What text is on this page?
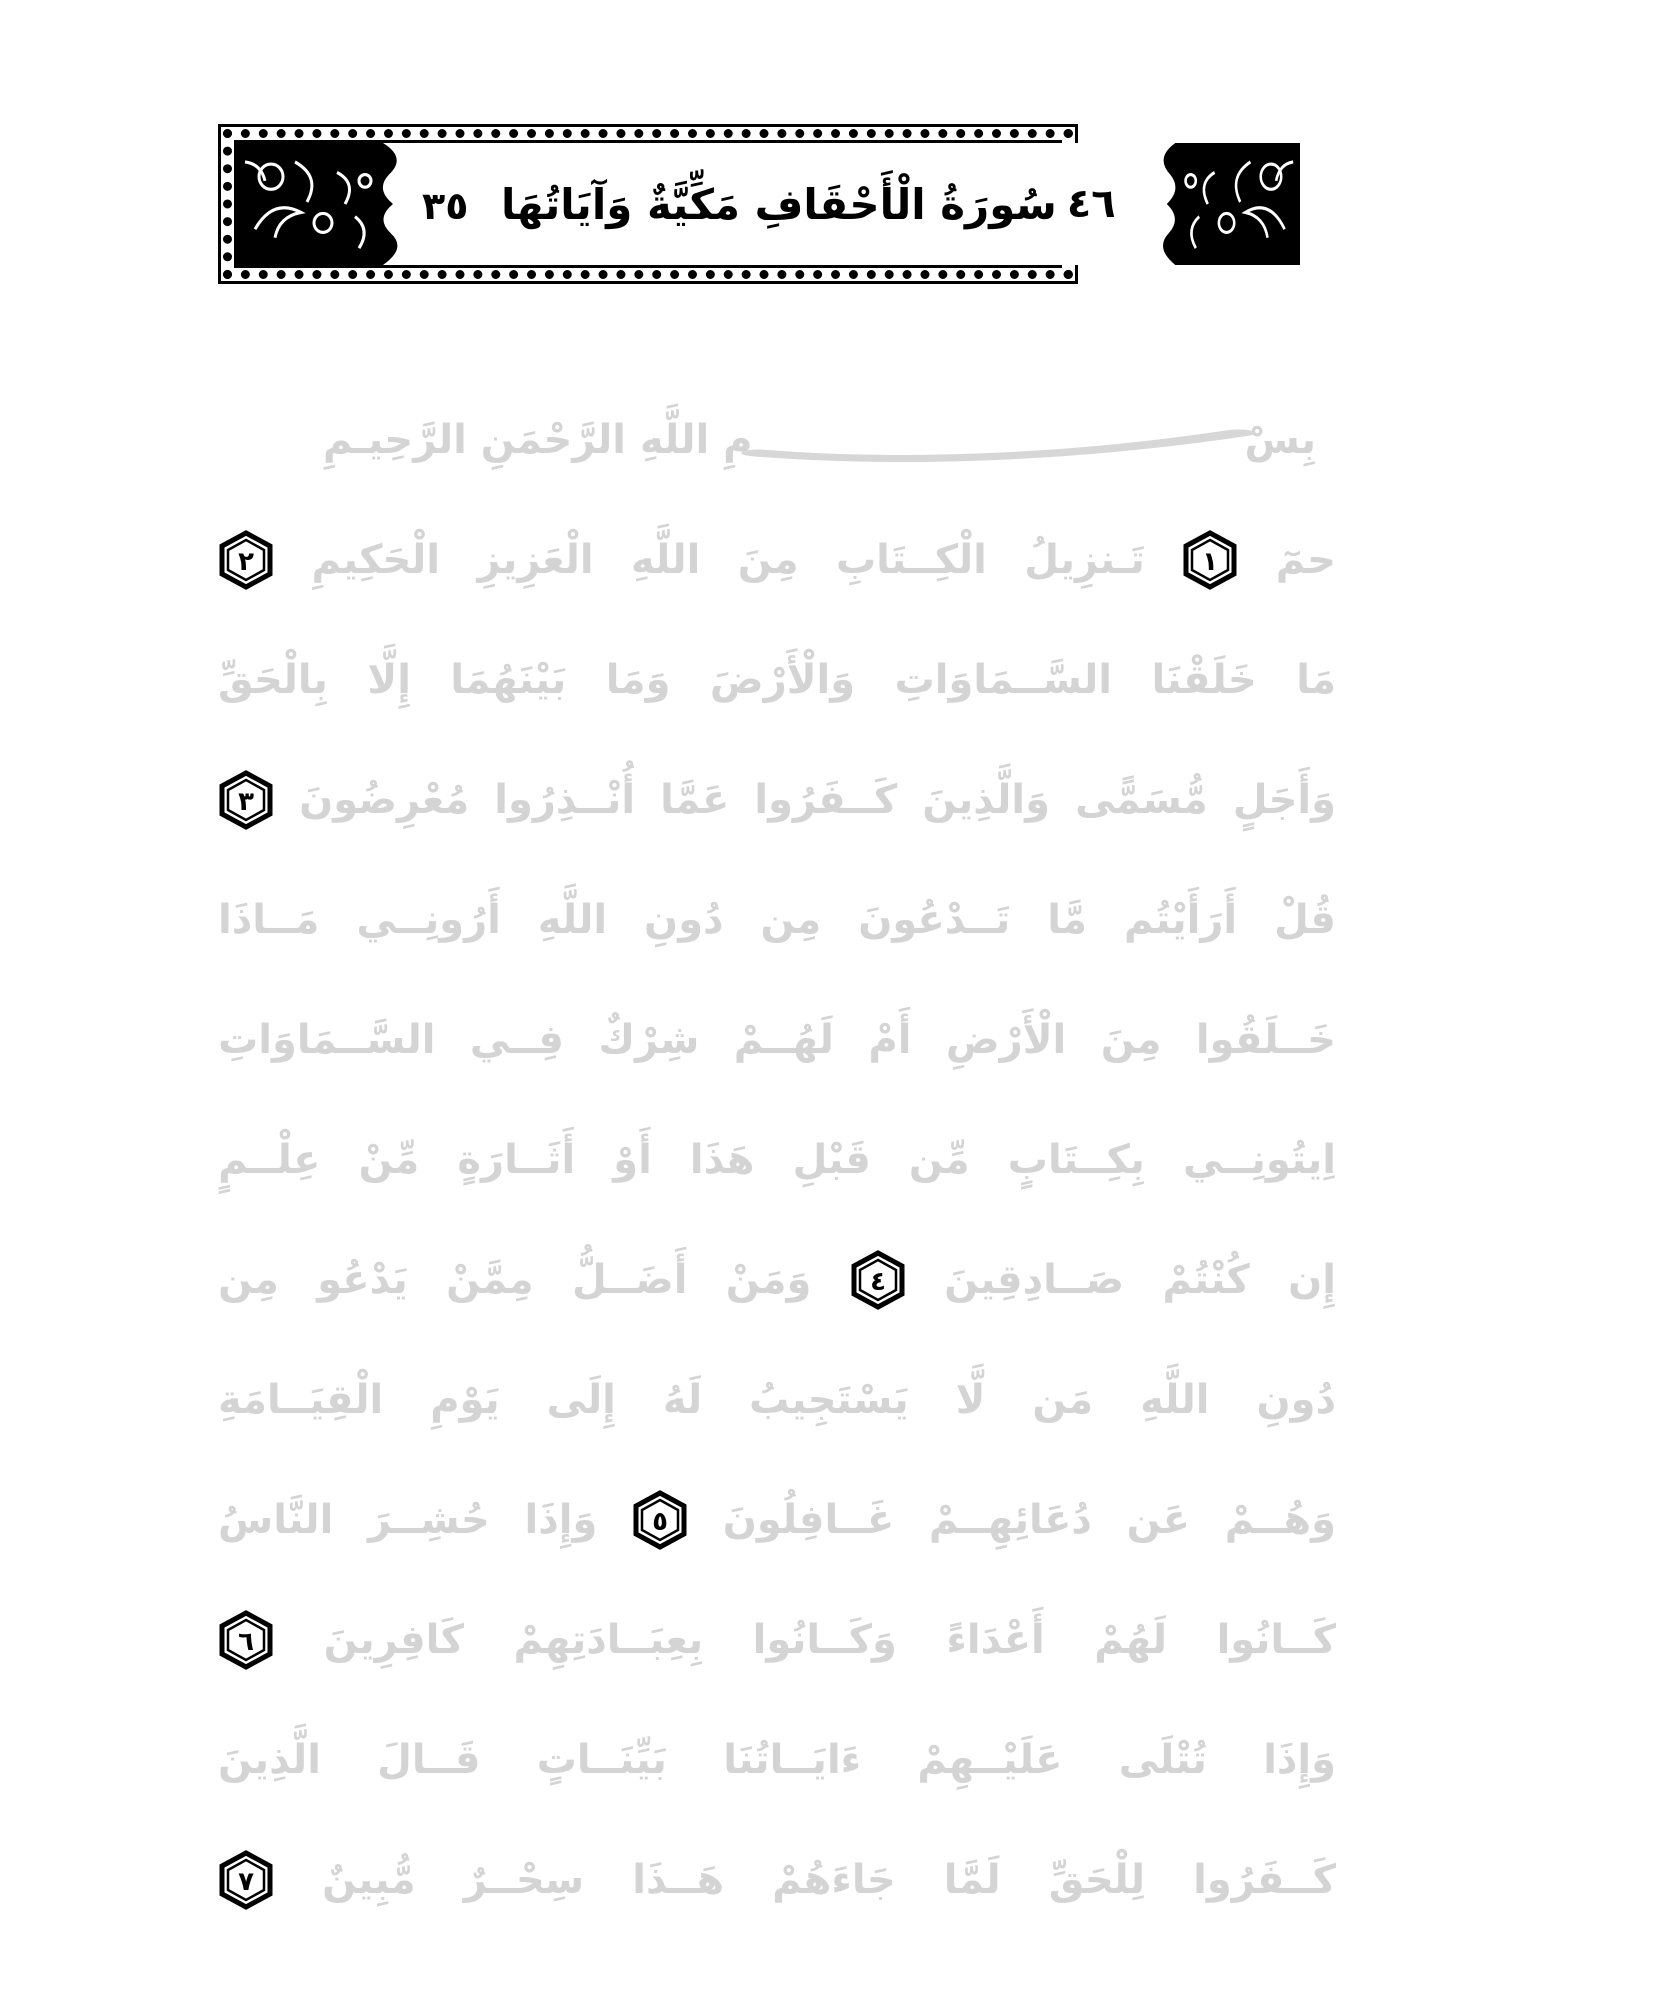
٤٦
سُورَةُ الْأَحْقَافِ مَكِّيَّةٌ وَآيَاتُهَا ٣٥
بِسْ
مِ اللَّهِ الرَّحْمَنِ الرَّحِيـمِ
حمٓ
١
تَـنزِيلُ
الْكِــتَابِ
مِنَ
اللَّهِ
الْعَزِيزِ
الْحَكِيمِ
٢
مَا
خَلَقْنَا
السَّــمَاوَاتِ
وَالْأَرْضَ
وَمَا
بَيْنَهُمَا
إِلَّا
بِالْحَقِّ
وَأَجَلٍ
مُّسَمًّى
وَالَّذِينَ
كَــفَرُوا
عَمَّا
أُنْــذِرُوا
مُعْرِضُونَ
٣
قُلْ
أَرَأَيْتُم
مَّا
تَــدْعُونَ
مِن
دُونِ
اللَّهِ
أَرُونِــي
مَــاذَا
خَــلَقُوا
مِنَ
الْأَرْضِ
أَمْ
لَهُــمْ
شِرْكٌ
فِــي
السَّــمَاوَاتِ
اِيتُونِــي
بِكِــتَابٍ
مِّن
قَبْلِ
هَذَا
أَوْ
أَثَــارَةٍ
مِّنْ
عِلْــمٍ
إِن
كُنْتُمْ
صَــادِقِينَ
٤
وَمَنْ
أَضَــلُّ
مِمَّنْ
يَدْعُو
مِن
دُونِ
اللَّهِ
مَن
لَّا
يَسْتَجِيبُ
لَهُ
إِلَى
يَوْمِ
الْقِيَــامَةِ
وَهُــمْ
عَن
دُعَائِهِــمْ
غَــافِلُونَ
٥
وَإِذَا
حُشِــرَ
النَّاسُ
كَــانُوا
لَهُمْ
أَعْدَاءً
وَكَــانُوا
بِعِبَــادَتِهِمْ
كَافِرِينَ
٦
وَإِذَا
تُتْلَى
عَلَيْــهِمْ
ءَايَــاتُنَا
بَيِّنَــاتٍ
قَــالَ
الَّذِينَ
كَــفَرُوا
لِلْحَقِّ
لَمَّا
جَاءَهُمْ
هَــذَا
سِحْــرٌ
مُّبِينٌ
٧
